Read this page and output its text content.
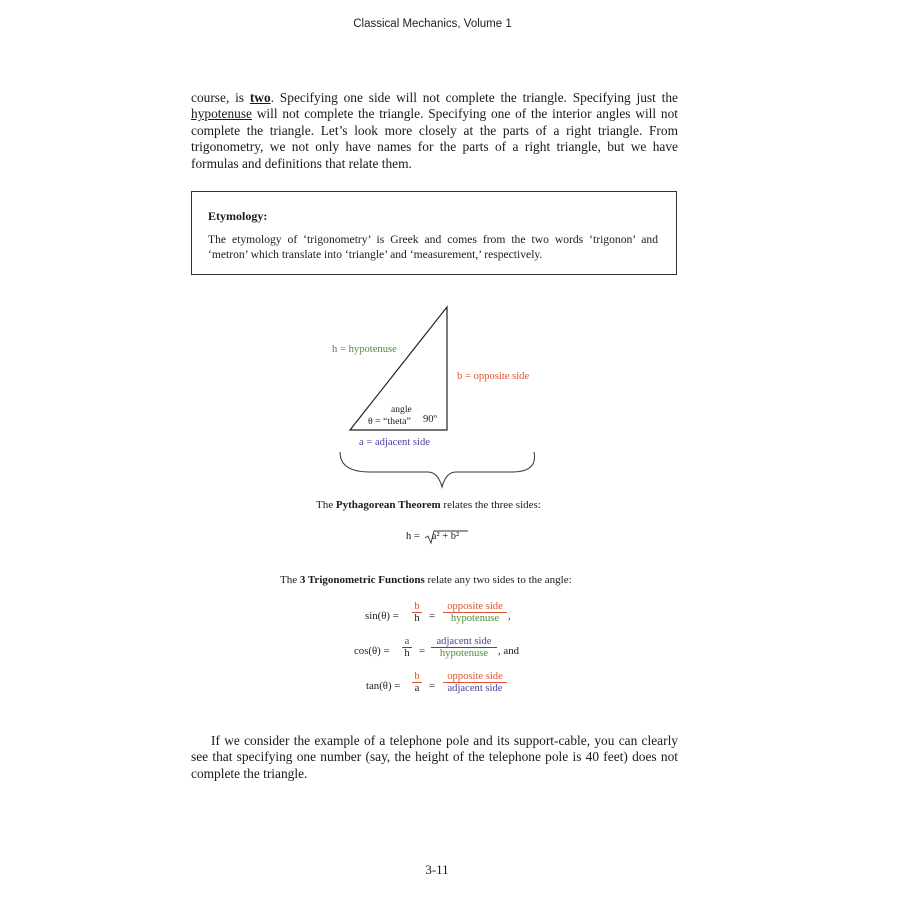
Classical Mechanics, Volume 1
course, is two. Specifying one side will not complete the triangle. Specifying just the hypotenuse will not complete the triangle. Specifying one of the interior angles will not complete the triangle. Let’s look more closely at the parts of a right triangle. From trigonometry, we not only have names for the parts of a right triangle, but we have formulas and definitions that relate them.
Etymology:
The etymology of ‘trigonometry’ is Greek and comes from the two words ‘trigonon’ and ‘metron’ which translate into ‘triangle’ and ‘measurement,’ respectively.
h = hypotenuse
b = opposite side
angle
θ = “theta” 90º
a = adjacent side
The Pythagorean Theorem relates the three sides:
h = a² + b²
The 3 Trigonometric Functions relate any two sides to the angle:
$\sin(\theta) = \frac{b}{h}$ =
opposite side
hypotenuse ,
$\cos(\theta) = \frac{a}{h}$ =
adjacent side
hypotenuse , and
$\tan(\theta) = \frac{b}{a}$ =
opposite side
adjacent side
If we consider the example of a telephone pole and its support-cable, you can clearly see that specifying one number (say, the height of the telephone pole is 40 feet) does not complete the triangle.
3-11
